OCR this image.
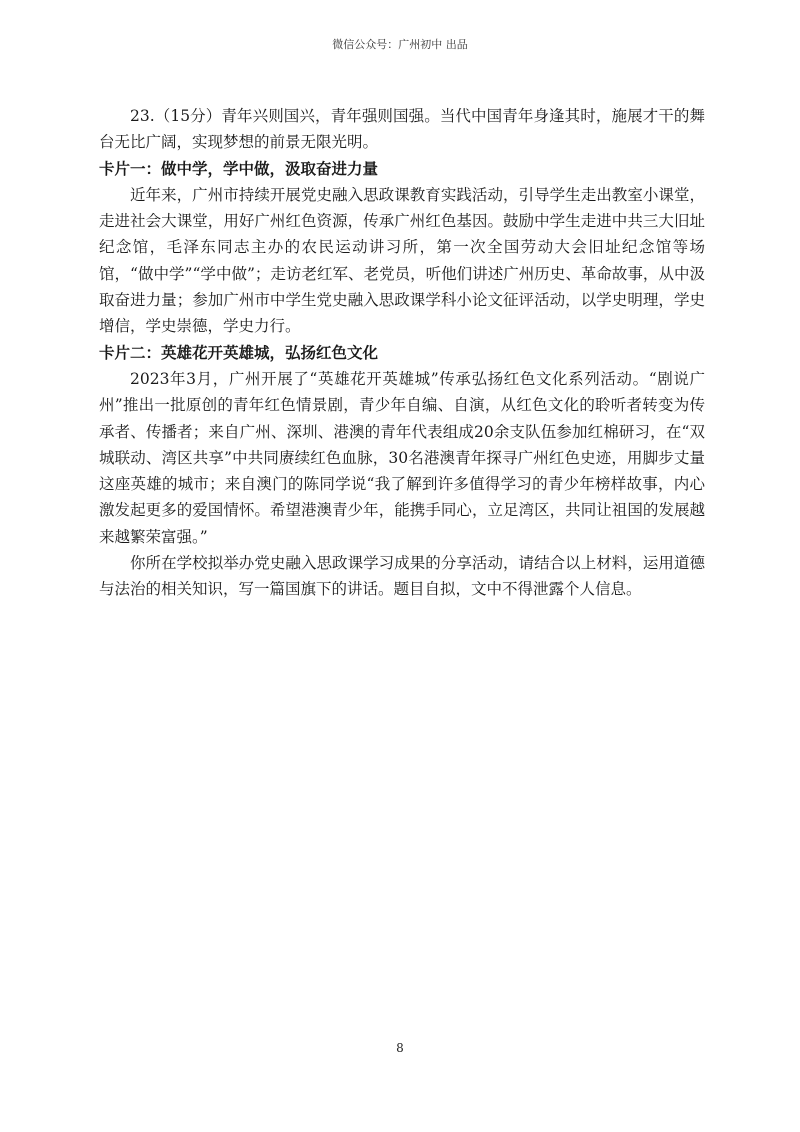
微信公众号：广州初中 出品

23.（15分）青年兴则国兴，青年强则国强。当代中国青年身逢其时，施展才干的舞台无比广阔，实现梦想的前景无限光明。

卡片一：做中学，学中做，汲取奋进力量

近年来，广州市持续开展党史融入思政课教育实践活动，引导学生走出教室小课堂，走进社会大课堂，用好广州红色资源，传承广州红色基因。鼓励中学生走进中共三大旧址纪念馆，毛泽东同志主办的农民运动讲习所，第一次全国劳动大会旧址纪念馆等场馆，“做中学”“学中做”；走访老红军、老党员，听他们讲述广州历史、革命故事，从中汲取奋进力量；参加广州市中学生党史融入思政课学科小论文征评活动，以学史明理，学史增信，学史崇德，学史力行。

卡片二：英雄花开英雄城，弘扬红色文化

2023年3月，广州开展了“英雄花开英雄城”传承弘扬红色文化系列活动。“剧说广州”推出一批原创的青年红色情景剧，青少年自编、自演，从红色文化的聆听者转变为传承者、传播者；来自广州、深圳、港澳的青年代表组成20余支队伍参加红棉研习，在“双城联动、湾区共享”中共同赓续红色血脉，30名港澳青年探寻广州红色史迹，用脚步丈量这座英雄的城市；来自澳门的陈同学说“我了解到许多值得学习的青少年榜样故事，内心激发起更多的爱国情怀。希望港澳青少年，能携手同心，立足湾区，共同让祖国的发展越来越繁荣富强。”

你所在学校拟举办党史融入思政课学习成果的分享活动，请结合以上材料，运用道德与法治的相关知识，写一篇国旗下的讲话。题目自拟，文中不得泄露个人信息。

8
